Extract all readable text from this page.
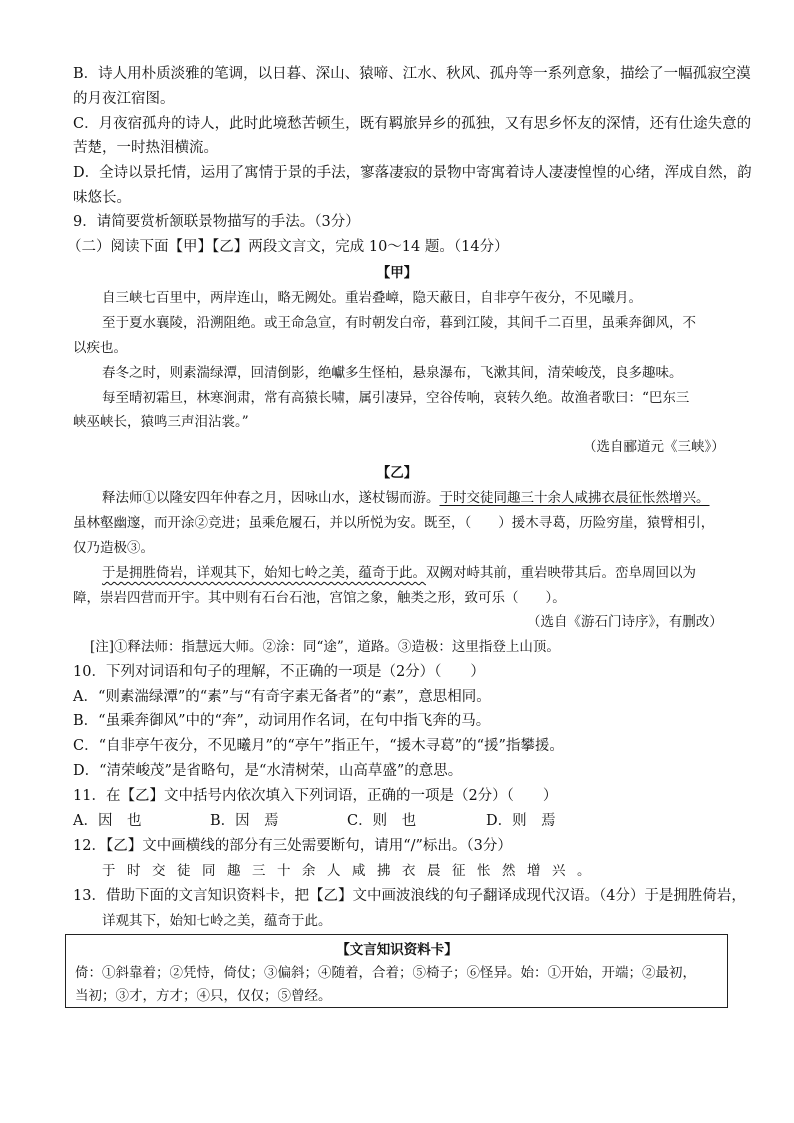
B．诗人用朴质淡雅的笔调，以日暮、深山、猿啼、江水、秋风、孤舟等一系列意象，描绘了一幅孤寂空漠
的月夜江宿图。
C．月夜宿孤舟的诗人，此时此境愁苦顿生，既有羁旅异乡的孤独，又有思乡怀友的深情，还有仕途失意的
苦楚，一时热泪横流。
D．全诗以景托情，运用了寓情于景的手法，寥落凄寂的景物中寄寓着诗人凄凄惶惶的心绪，浑成自然，韵
味悠长。
9．请简要赏析颔联景物描写的手法。（3分）
（二）阅读下面【甲】【乙】两段文言文，完成 10～14 题。（14分）
【甲】
自三峡七百里中，两岸连山，略无阙处。重岩叠嶂，隐天蔽日，自非亭午夜分，不见曦月。
至于夏水襄陵，沿溯阻绝。或王命急宣，有时朝发白帝，暮到江陵，其间千二百里，虽乘奔御风，不
以疾也。
春冬之时，则素湍绿潭，回清倒影，绝巘多生怪柏，悬泉瀑布，飞漱其间，清荣峻茂，良多趣味。
每至晴初霜旦，林寒涧肃，常有高猿长啸，属引凄异，空谷传响，哀转久绝。故渔者歌曰：“巴东三
峡巫峡长，猿鸣三声泪沾裳。”
（选自郦道元《三峡》）
【乙】
释法师①以隆安四年仲春之月，因咏山水，遂杖锡而游。于时交徒同趣三十余人咸拂衣晨征怅然增兴。
虽林壑幽邃，而开涂②竞进；虽乘危履石，并以所悦为安。既至，（　　）援木寻葛，历险穷崖，猿臂相引，
仅乃造极③。
于是拥胜倚岩，详观其下，始知七岭之美，蕴奇于此。双阙对峙其前，重岩映带其后。峦阜周回以为
障，崇岩四营而开宇。其中则有石台石池，宫馆之象，触类之形，致可乐（　　）。
（选自《游石门诗序》，有删改）
[注]①释法师：指慧远大师。②涂：同“途”，道路。③造极：这里指登上山顶。
10．下列对词语和句子的理解，不正确的一项是（2分）（　　）
A．“则素湍绿潭”的“素”与“有奇字素无备者”的“素”，意思相同。
B．“虽乘奔御风”中的“奔”，动词用作名词，在句中指飞奔的马。
C．“自非亭午夜分，不见曦月”的“亭午”指正午，“援木寻葛”的“援”指攀援。
D．“清荣峻茂”是省略句，是“水清树荣，山高草盛”的意思。
11．在【乙】文中括号内依次填入下列词语，正确的一项是（2分）（　　）
A．因　也	B．因　焉	C．则　也	D．则　焉
12．【乙】文中画横线的部分有三处需要断句，请用“/”标出。（3分）
于时交徒同趣三十余人咸拂衣晨征怅然增兴。
13．借助下面的文言知识资料卡，把【乙】文中画波浪线的句子翻译成现代汉语。（4分）于是拥胜倚岩，
详观其下，始知七岭之美，蕴奇于此。
【文言知识资料卡】
倚：①斜靠着；②凭恃，倚仗；③偏斜；④随着，合着；⑤椅子；⑥怪异。始：①开始，开端；②最初，
当初；③才，方才；④只，仅仅；⑤曾经。
